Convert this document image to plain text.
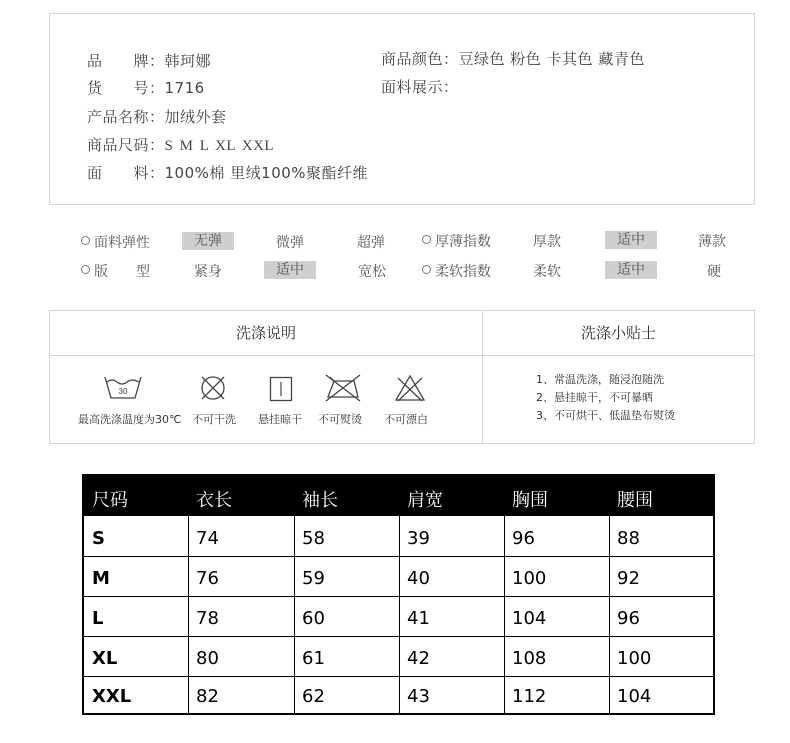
品　　牌：韩珂娜
货　　号：1716
产品名称：加绒外套
商品尺码：S M L XL XXL
面　　料：100%棉 里绒100%聚酯纤维
商品颜色：豆绿色 粉色 卡其色 藏青色
面料展示：
面料弹性	无弹	微弹	超弹	厚薄指数	厚款	适中	薄款
版　　型	紧身	适中	宽松	柔软指数	柔软	适中	硬
洗涤说明	洗涤小贴士
30
最高洗涤温度为30℃ 不可干洗 悬挂晾干 不可熨烫 不可漂白
1、常温洗涤，随浸泡随洗
2、悬挂晾干，不可暴晒
3、不可烘干、低温垫布熨烫
尺码	衣长	袖长	肩宽	胸围	腰围
S	74	58	39	96	88
M	76	59	40	100	92
L	78	60	41	104	96
XL	80	61	42	108	100
XXL	82	62	43	112	104
